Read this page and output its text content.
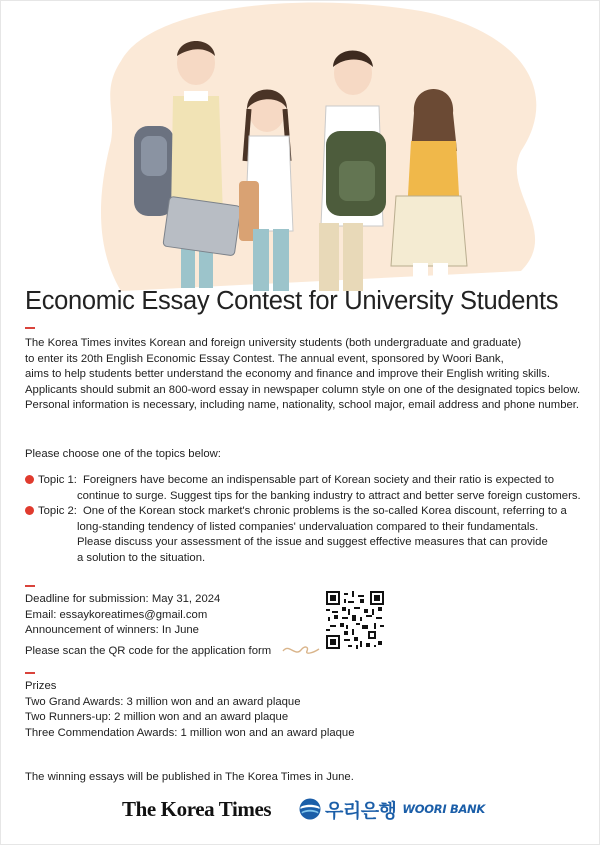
Economic Essay Contest for University Students
The Korea Times invites Korean and foreign university students (both undergraduate and graduate)
to enter its 20th English Economic Essay Contest. The annual event, sponsored by Woori Bank,
aims to help students better understand the economy and finance and improve their English writing skills.
Applicants should submit an 800-word essay in newspaper column style on one of the designated topics below.
Personal information is necessary, including name, nationality, school major, email address and phone number.
Please choose one of the topics below:
Topic 1: Foreigners have become an indispensable part of Korean society and their ratio is expected to
continue to surge. Suggest tips for the banking industry to attract and better serve foreign customers.
Topic 2: One of the Korean stock market's chronic problems is the so-called Korea discount, referring to a
long-standing tendency of listed companies' undervaluation compared to their fundamentals.
Please discuss your assessment of the issue and suggest effective measures that can provide
a solution to the situation.
Deadline for submission: May 31, 2024
Email: essaykoreatimes@gmail.com
Announcement of winners: In June
Please scan the QR code for the application form
Prizes
Two Grand Awards: 3 million won and an award plaque
Two Runners-up: 2 million won and an award plaque
Three Commendation Awards: 1 million won and an award plaque
The winning essays will be published in The Korea Times in June.
The Korea Times	우리은행 WOORI BANK
